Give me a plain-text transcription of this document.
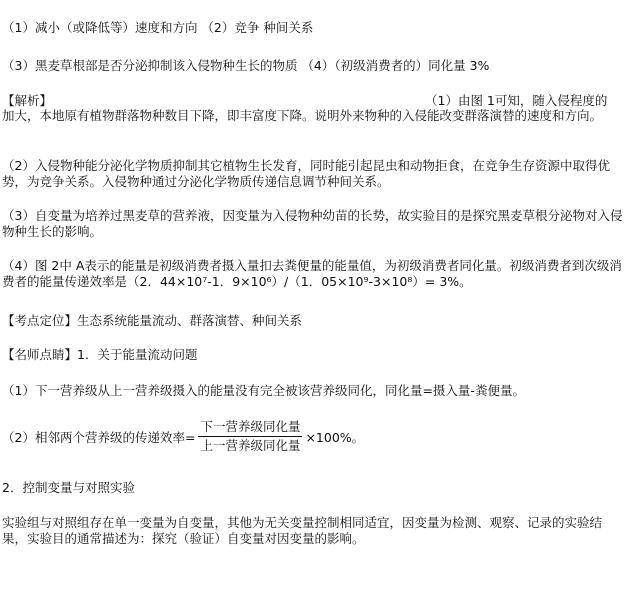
（1）减小（或降低等）速度和方向 （2）竞争 种间关系
（3）黑麦草根部是否分泌抑制该入侵物种生长的物质 （4）（初级消费者的）同化量 3%
【解析】	（1）由图 1可知，随入侵程度的
加大，本地原有植物群落物种数目下降，即丰富度下降。说明外来物种的入侵能改变群落演替的速度和方向。
（2）入侵物种能分泌化学物质抑制其它植物生长发育，同时能引起昆虫和动物拒食，在竞争生存资源中取得优势，为竞争关系。入侵物种通过分泌化学物质传递信息调节种间关系。
（3）自变量为培养过黑麦草的营养液，因变量为入侵物种幼苗的长势，故实验目的是探究黑麦草根分泌物对入侵物种生长的影响。
（4）图 2中 A表示的能量是初级消费者摄入量扣去粪便量的能量值，为初级消费者同化量。初级消费者到次级消费者的能量传递效率是（2．44×10⁷-1．9×10⁶）/（1．05×10⁹-3×10⁸）= 3%。
【考点定位】生态系统能量流动、群落演替、种间关系
【名师点睛】1．关于能量流动问题
（1）下一营养级从上一营养级摄入的能量没有完全被该营养级同化，同化量=摄入量-粪便量。
（2）相邻两个营养级的传递效率= $\frac{\text{下一营养级同化量}}{\text{上一营养级同化量}} \times 100\%$。
2．控制变量与对照实验
实验组与对照组存在单一变量为自变量，其他为无关变量控制相同适宜，因变量为检测、观察、记录的实验结果，实验目的通常描述为：探究（验证）自变量对因变量的影响。
